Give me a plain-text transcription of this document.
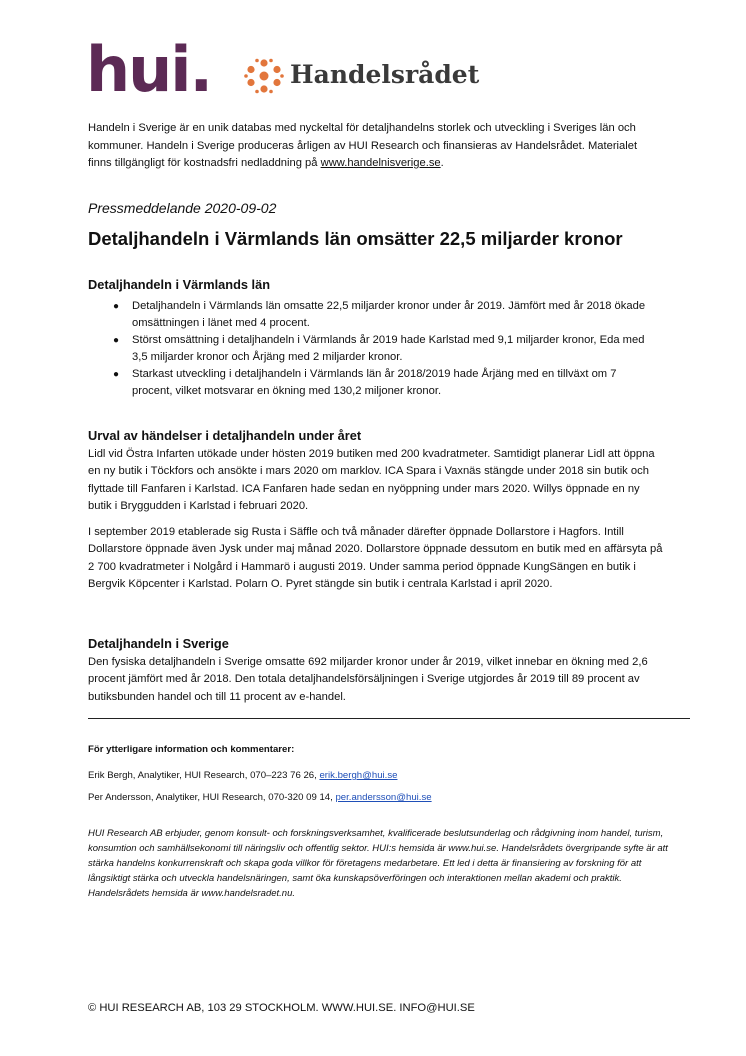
hui.	Handelsrådet

Handeln i Sverige är en unik databas med nyckeltal för detaljhandelns storlek och utveckling i Sveriges län och kommuner. Handeln i Sverige produceras årligen av HUI Research och finansieras av Handelsrådet. Materialet finns tillgängligt för kostnadsfri nedladdning på www.handelnisverige.se.

Pressmeddelande 2020-09-02
Detaljhandeln i Värmlands län omsätter 22,5 miljarder kronor
Detaljhandeln i Värmlands län
● Detaljhandeln i Värmlands län omsatte 22,5 miljarder kronor under år 2019. Jämfört med år 2018 ökade omsättningen i länet med 4 procent.
● Störst omsättning i detaljhandeln i Värmlands år 2019 hade Karlstad med 9,1 miljarder kronor, Eda med 3,5 miljarder kronor och Årjäng med 2 miljarder kronor.
● Starkast utveckling i detaljhandeln i Värmlands län år 2018/2019 hade Årjäng med en tillväxt om 7 procent, vilket motsvarar en ökning med 130,2 miljoner kronor.
Urval av händelser i detaljhandeln under året

Lidl vid Östra Infarten utökade under hösten 2019 butiken med 200 kvadratmeter. Samtidigt planerar Lidl att öppna en ny butik i Töckfors och ansökte i mars 2020 om marklov. ICA Spara i Vaxnäs stängde under 2018 sin butik och flyttade till Fanfaren i Karlstad. ICA Fanfaren hade sedan en nyöppning under mars 2020. Willys öppnade en ny butik i Bryggudden i Karlstad i februari 2020.

I september 2019 etablerade sig Rusta i Säffle och två månader därefter öppnade Dollarstore i Hagfors. Intill Dollarstore öppnade även Jysk under maj månad 2020. Dollarstore öppnade dessutom en butik med en affärsyta på 2 700 kvadratmeter i Nolgård i Hammarö i augusti 2019. Under samma period öppnade KungSängen en butik i Bergvik Köpcenter i Karlstad. Polarn O. Pyret stängde sin butik i centrala Karlstad i april 2020.

Detaljhandeln i Sverige

Den fysiska detaljhandeln i Sverige omsatte 692 miljarder kronor under år 2019, vilket innebar en ökning med 2,6 procent jämfört med år 2018. Den totala detaljhandelsförsäljningen i Sverige utgjordes år 2019 till 89 procent av butiksbunden handel och till 11 procent av e-handel.

För ytterligare information och kommentarer:
Erik Bergh, Analytiker, HUI Research, 070–223 76 26, erik.bergh@hui.se
Per Andersson, Analytiker, HUI Research, 070-320 09 14, per.andersson@hui.se

HUI Research AB erbjuder, genom konsult- och forskningsverksamhet, kvalificerade beslutsunderlag och rådgivning inom handel, turism, konsumtion och samhällsekonomi till näringsliv och offentlig sektor. HUI:s hemsida är www.hui.se. Handelsrådets övergripande syfte är att stärka handelns konkurrenskraft och skapa goda villkor för företagens medarbetare. Ett led i detta är finansiering av forskning för att långsiktigt stärka och utveckla handelsnäringen, samt öka kunskapsöverföringen och interaktionen mellan akademi och praktik. Handelsrådets hemsida är www.handelsradet.nu.

© HUI RESEARCH AB, 103 29 STOCKHOLM. WWW.HUI.SE. INFO@HUI.SE
